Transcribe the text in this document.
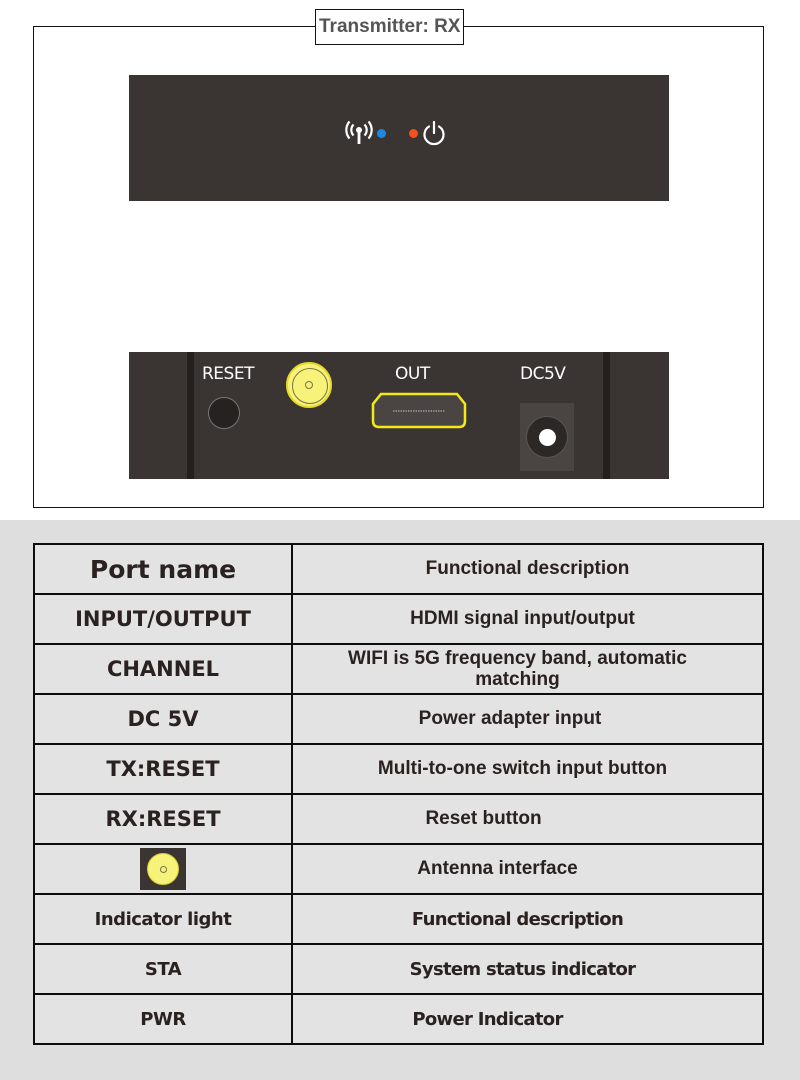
Transmitter: RX
RESET	OUT	DC5V
Port name	Functional description
INPUT/OUTPUT	HDMI signal input/output
CHANNEL	WIFI is 5G frequency band, automatic
matching
DC 5V	Power adapter input
TX:RESET	Multi-to-one switch input button
RX:RESET	Reset button

	Antenna interface
Indicator light	Functional description
STA	System status indicator
PWR	Power Indicator
